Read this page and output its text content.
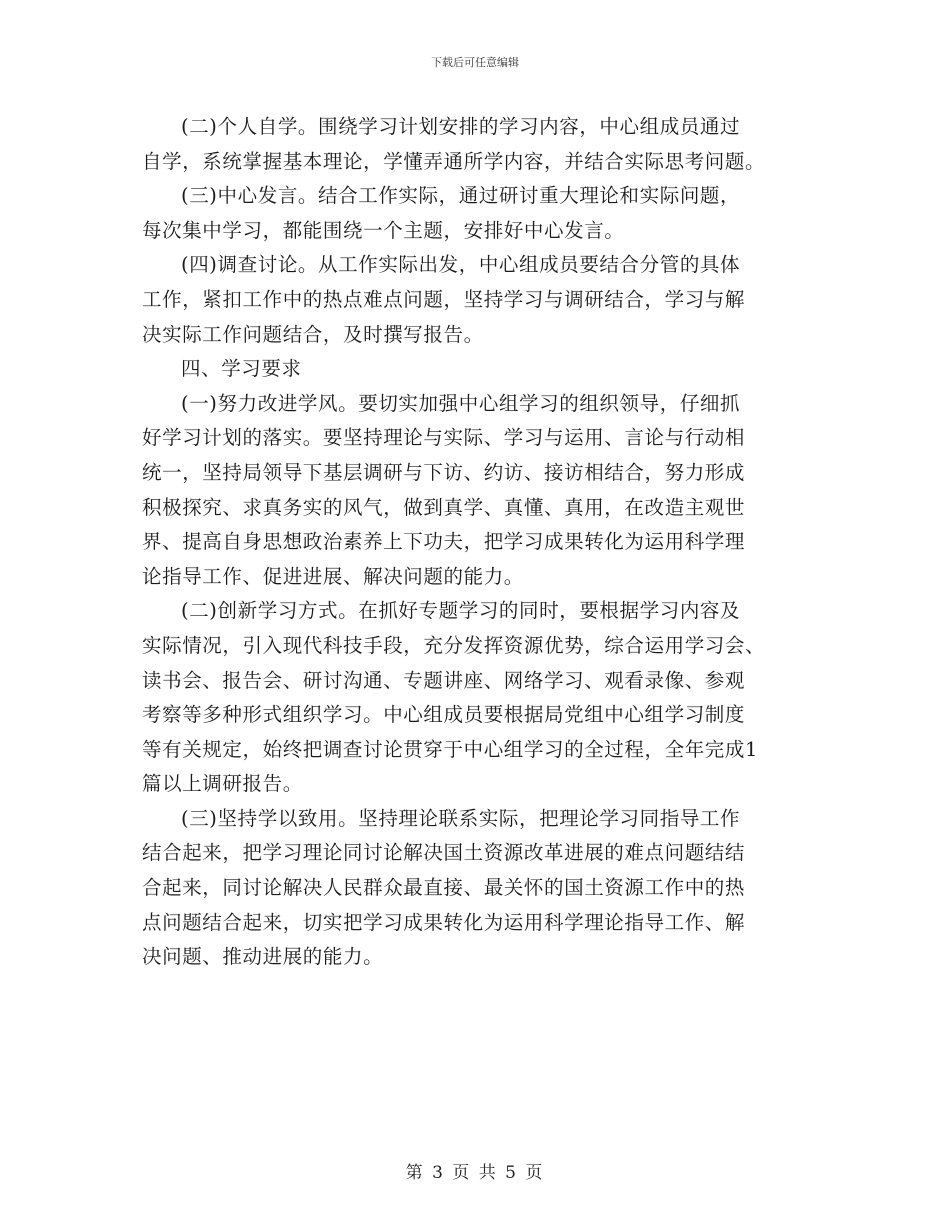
下载后可任意编辑

(二)个人自学。围绕学习计划安排的学习内容，中心组成员通过
自学，系统掌握基本理论，学懂弄通所学内容，并结合实际思考问题。

(三)中心发言。结合工作实际，通过研讨重大理论和实际问题，
每次集中学习，都能围绕一个主题，安排好中心发言。

(四)调查讨论。从工作实际出发，中心组成员要结合分管的具体
工作，紧扣工作中的热点难点问题，坚持学习与调研结合，学习与解
决实际工作问题结合，及时撰写报告。

四、学习要求

(一)努力改进学风。要切实加强中心组学习的组织领导，仔细抓
好学习计划的落实。要坚持理论与实际、学习与运用、言论与行动相
统一，坚持局领导下基层调研与下访、约访、接访相结合，努力形成
积极探究、求真务实的风气，做到真学、真懂、真用，在改造主观世
界、提高自身思想政治素养上下功夫，把学习成果转化为运用科学理
论指导工作、促进进展、解决问题的能力。

(二)创新学习方式。在抓好专题学习的同时，要根据学习内容及
实际情况，引入现代科技手段，充分发挥资源优势，综合运用学习会、
读书会、报告会、研讨沟通、专题讲座、网络学习、观看录像、参观
考察等多种形式组织学习。中心组成员要根据局党组中心组学习制度
等有关规定，始终把调查讨论贯穿于中心组学习的全过程，全年完成1
篇以上调研报告。

(三)坚持学以致用。坚持理论联系实际，把理论学习同指导工作
结合起来，把学习理论同讨论解决国土资源改革进展的难点问题结结
合起来，同讨论解决人民群众最直接、最关怀的国土资源工作中的热
点问题结合起来，切实把学习成果转化为运用科学理论指导工作、解
决问题、推动进展的能力。

第 3 页 共 5 页
